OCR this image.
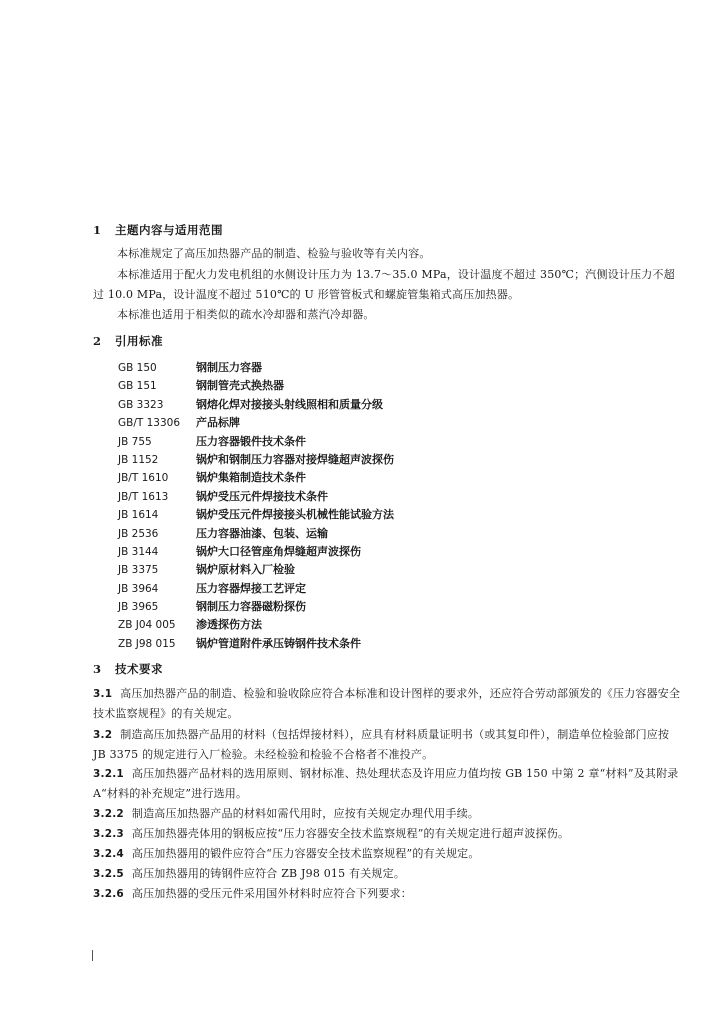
1 主题内容与适用范围
本标准规定了高压加热器产品的制造、检验与验收等有关内容。
本标准适用于配火力发电机组的水侧设计压力为 13.7～35.0 MPa，设计温度不超过 350℃；汽侧设计压力不超过 10.0 MPa，设计温度不超过 510℃的 U 形管管板式和螺旋管集箱式高压加热器。
本标准也适用于相类似的疏水冷却器和蒸汽冷却器。
2 引用标准
GB 150	钢制压力容器
GB 151	钢制管壳式换热器
GB 3323	钢熔化焊对接接头射线照相和质量分级
GB/T 13306 产品标牌
JB 755	压力容器锻件技术条件
JB 1152	锅炉和钢制压力容器对接焊缝超声波探伤
JB/T 1610	锅炉集箱制造技术条件
JB/T 1613	锅炉受压元件焊接技术条件
JB 1614	锅炉受压元件焊接接头机械性能试验方法
JB 2536	压力容器油漆、包装、运输
JB 3144	锅炉大口径管座角焊缝超声波探伤
JB 3375	锅炉原材料入厂检验
JB 3964	压力容器焊接工艺评定
JB 3965	钢制压力容器磁粉探伤
ZB J04 005 渗透探伤方法
ZB J98 015 锅炉管道附件承压铸钢件技术条件
3 技术要求
3.1 高压加热器产品的制造、检验和验收除应符合本标准和设计图样的要求外，还应符合劳动部颁发的《压力容器安全技术监察规程》的有关规定。
3.2 制造高压加热器产品用的材料（包括焊接材料），应具有材料质量证明书（或其复印件），制造单位检验部门应按 JB 3375 的规定进行入厂检验。未经检验和检验不合格者不准投产。
3.2.1 高压加热器产品材料的选用原则、钢材标准、热处理状态及许用应力值均按 GB 150 中第 2 章“材料”及其附录 A“材料的补充规定”进行选用。
3.2.2 制造高压加热器产品的材料如需代用时，应按有关规定办理代用手续。
3.2.3 高压加热器壳体用的钢板应按“压力容器安全技术监察规程”的有关规定进行超声波探伤。
3.2.4 高压加热器用的锻件应符合“压力容器安全技术监察规程”的有关规定。
3.2.5 高压加热器用的铸钢件应符合 ZB J98 015 有关规定。
3.2.6 高压加热器的受压元件采用国外材料时应符合下列要求：
